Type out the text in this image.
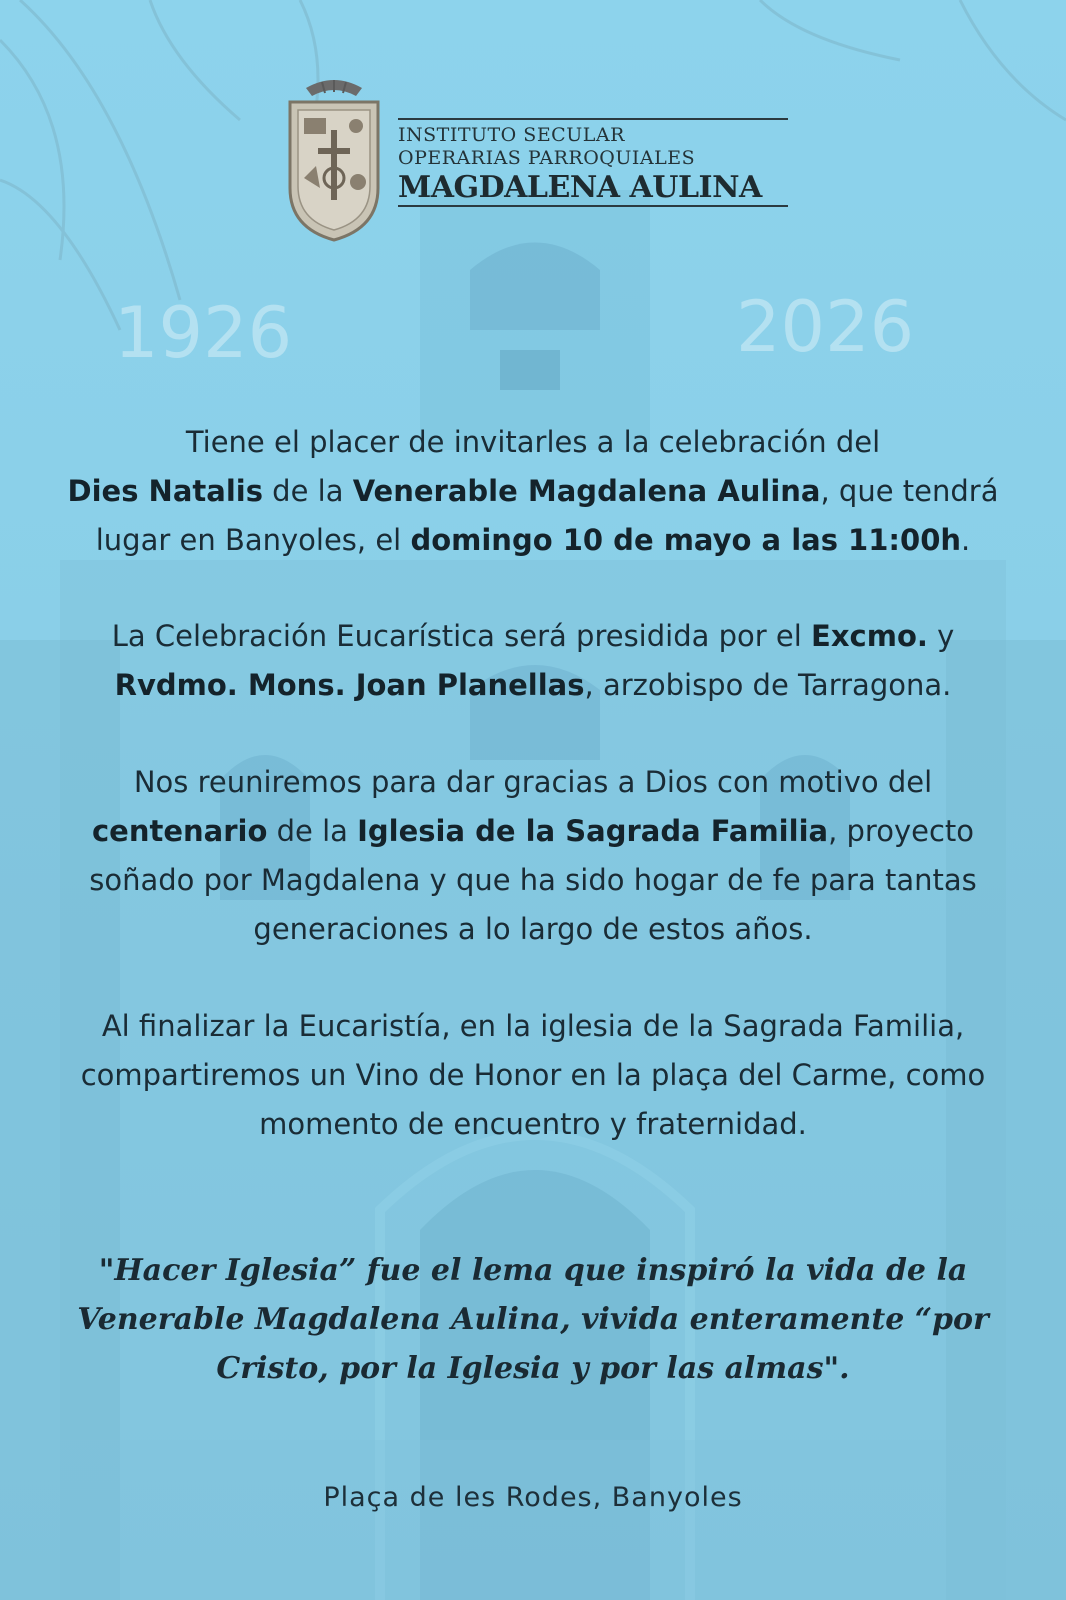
INSTITUTO SECULAR
OPERARIAS PARROQUIALES
MAGDALENA AULINA
1926	2026
Tiene el placer de invitarles a la celebración del
Dies Natalis de la Venerable Magdalena Aulina, que tendrá lugar en Banyoles, el domingo 10 de mayo a las 11:00h.
La Celebración Eucarística será presidida por el Excmo. y Rvdmo. Mons. Joan Planellas, arzobispo de Tarragona.
Nos reuniremos para dar gracias a Dios con motivo del
centenario de la Iglesia de la Sagrada Familia, proyecto soñado por Magdalena y que ha sido hogar de fe para tantas generaciones a lo largo de estos años.
Al finalizar la Eucaristía, en la iglesia de la Sagrada Familia, compartiremos un Vino de Honor en la plaça del Carme, como momento de encuentro y fraternidad.
"Hacer Iglesia” fue el lema que inspiró la vida de la Venerable Magdalena Aulina, vivida enteramente “por Cristo, por la Iglesia y por las almas".
Plaça de les Rodes, Banyoles
